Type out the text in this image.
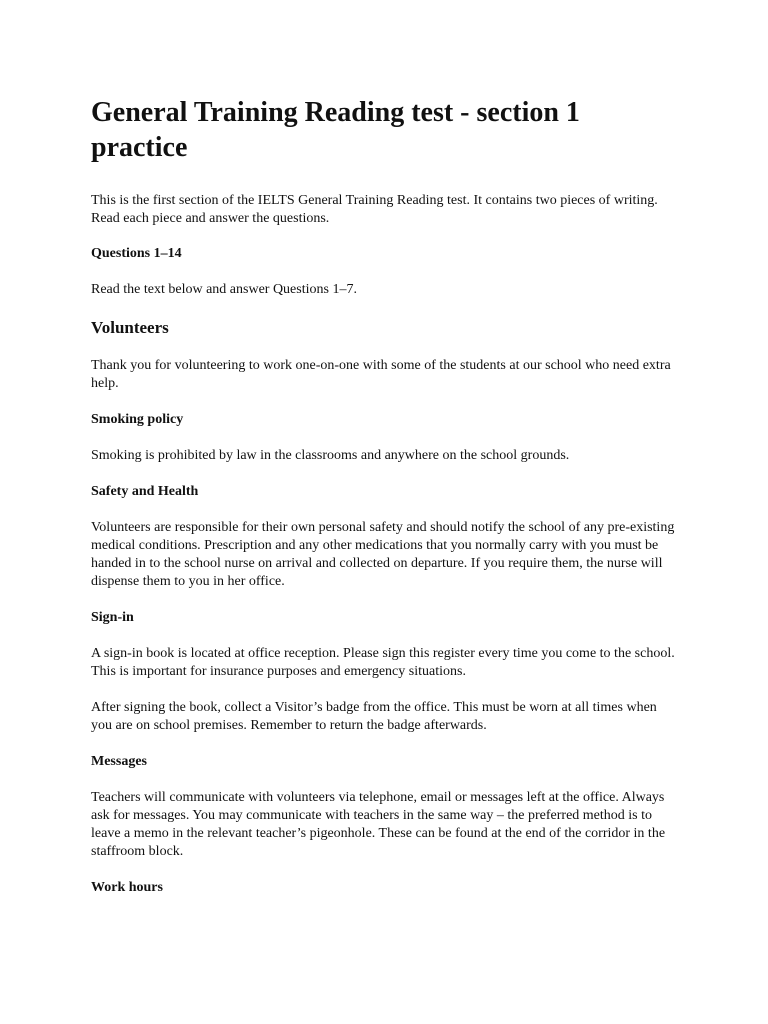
General Training Reading test - section 1 practice

This is the first section of the IELTS General Training Reading test. It contains two pieces of writing. Read each piece and answer the questions.

Questions 1–14

Read the text below and answer Questions 1–7.

Volunteers

Thank you for volunteering to work one-on-one with some of the students at our school who need extra help.

Smoking policy

Smoking is prohibited by law in the classrooms and anywhere on the school grounds.

Safety and Health

Volunteers are responsible for their own personal safety and should notify the school of any pre-existing medical conditions. Prescription and any other medications that you normally carry with you must be handed in to the school nurse on arrival and collected on departure. If you require them, the nurse will dispense them to you in her office.

Sign-in

A sign-in book is located at office reception. Please sign this register every time you come to the school. This is important for insurance purposes and emergency situations.

After signing the book, collect a Visitor’s badge from the office. This must be worn at all times when you are on school premises. Remember to return the badge afterwards.

Messages

Teachers will communicate with volunteers via telephone, email or messages left at the office. Always ask for messages. You may communicate with teachers in the same way – the preferred method is to leave a memo in the relevant teacher’s pigeonhole. These can be found at the end of the corridor in the staffroom block.

Work hours
